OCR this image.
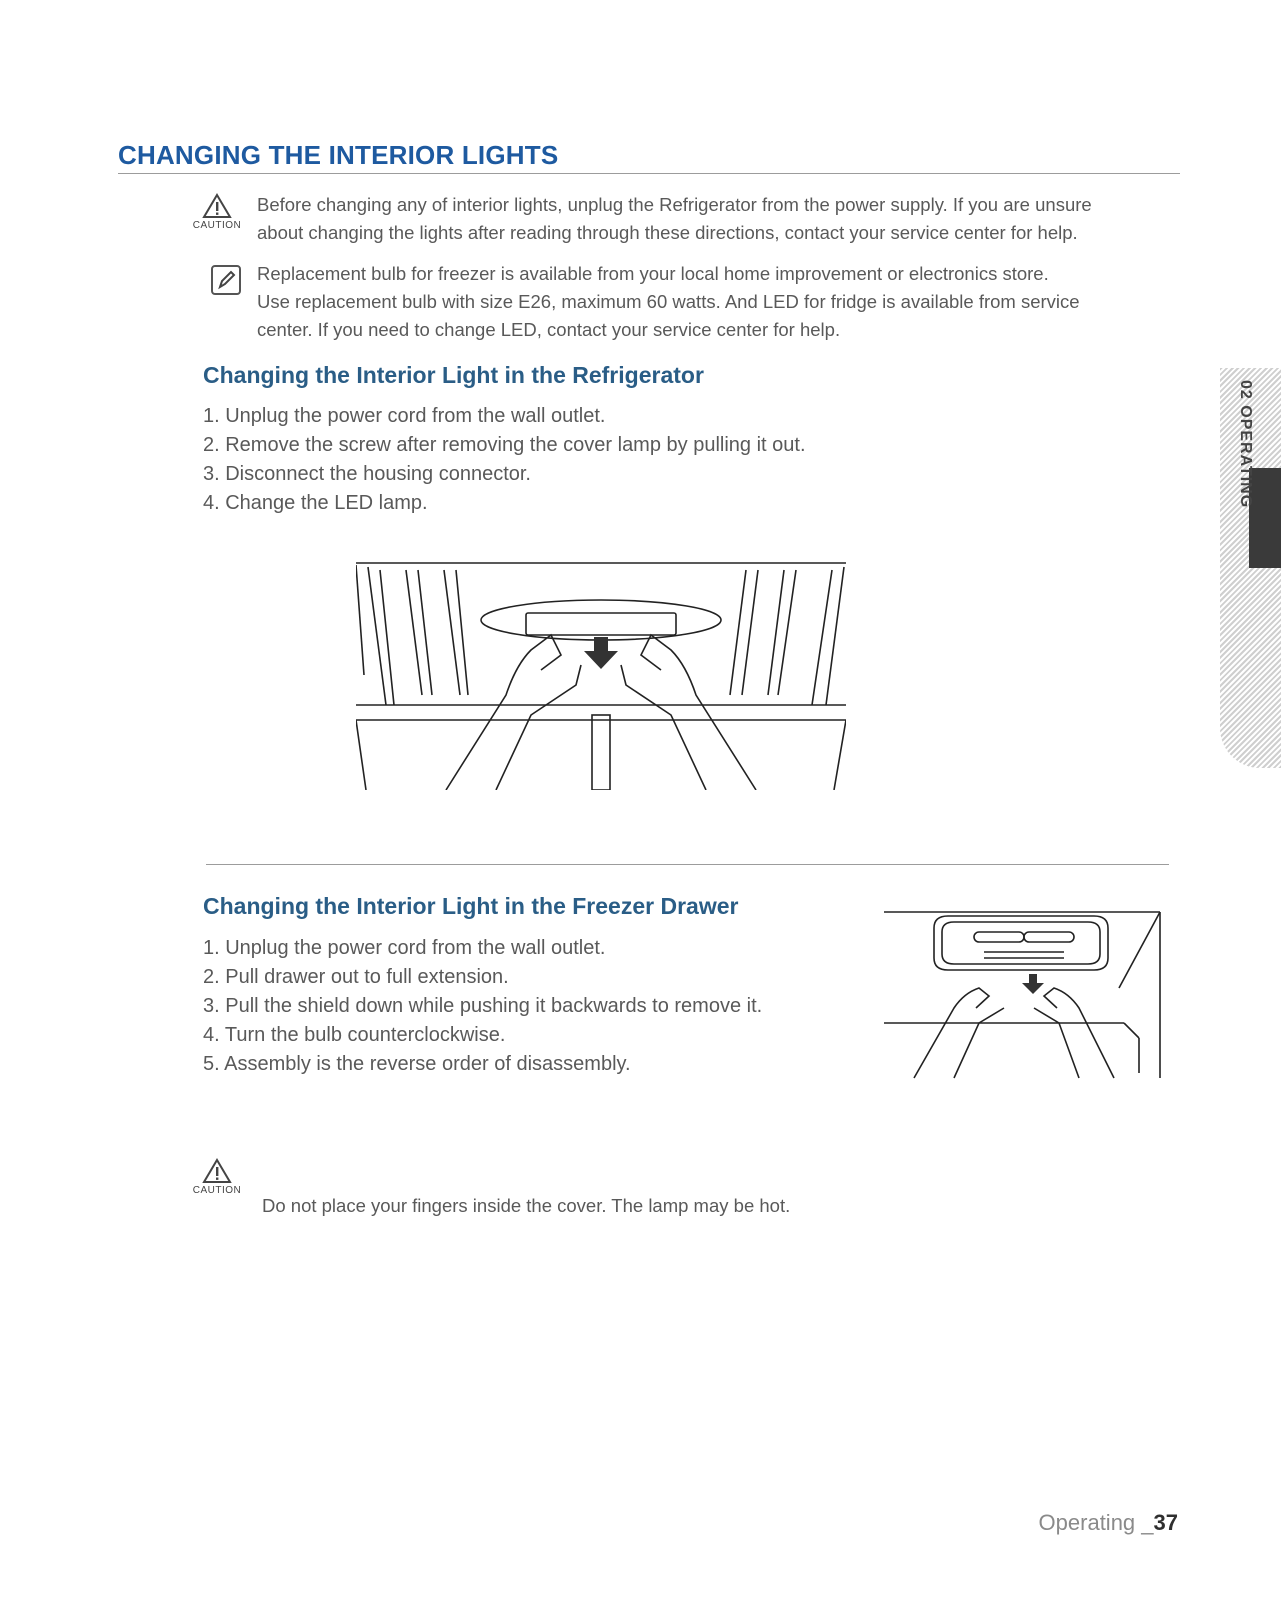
CHANGING THE INTERIOR LIGHTS
CAUTION

Before changing any of interior lights, unplug the Refrigerator from the power supply. If you are unsure

about changing the lights after reading through these directions, contact your service center for help.

Replacement bulb for freezer is available from your local home improvement or electronics store.

Use replacement bulb with size E26, maximum 60 watts. And LED for fridge is available from service

center. If you need to change LED, contact your service center for help.

Changing the Interior Light in the Refrigerator
1. Unplug the power cord from the wall outlet.
2. Remove the screw after removing the cover lamp by pulling it out.
3. Disconnect the housing connector.
4. Change the LED lamp.
Changing the Interior Light in the Freezer Drawer
1. Unplug the power cord from the wall outlet.
2. Pull drawer out to full extension.
3. Pull the shield down while pushing it backwards to remove it.
4. Turn the bulb counterclockwise.
5. Assembly is the reverse order of disassembly.
CAUTION

Do not place your fingers inside the cover. The lamp may be hot.

02 OPERATING
Operating _37
